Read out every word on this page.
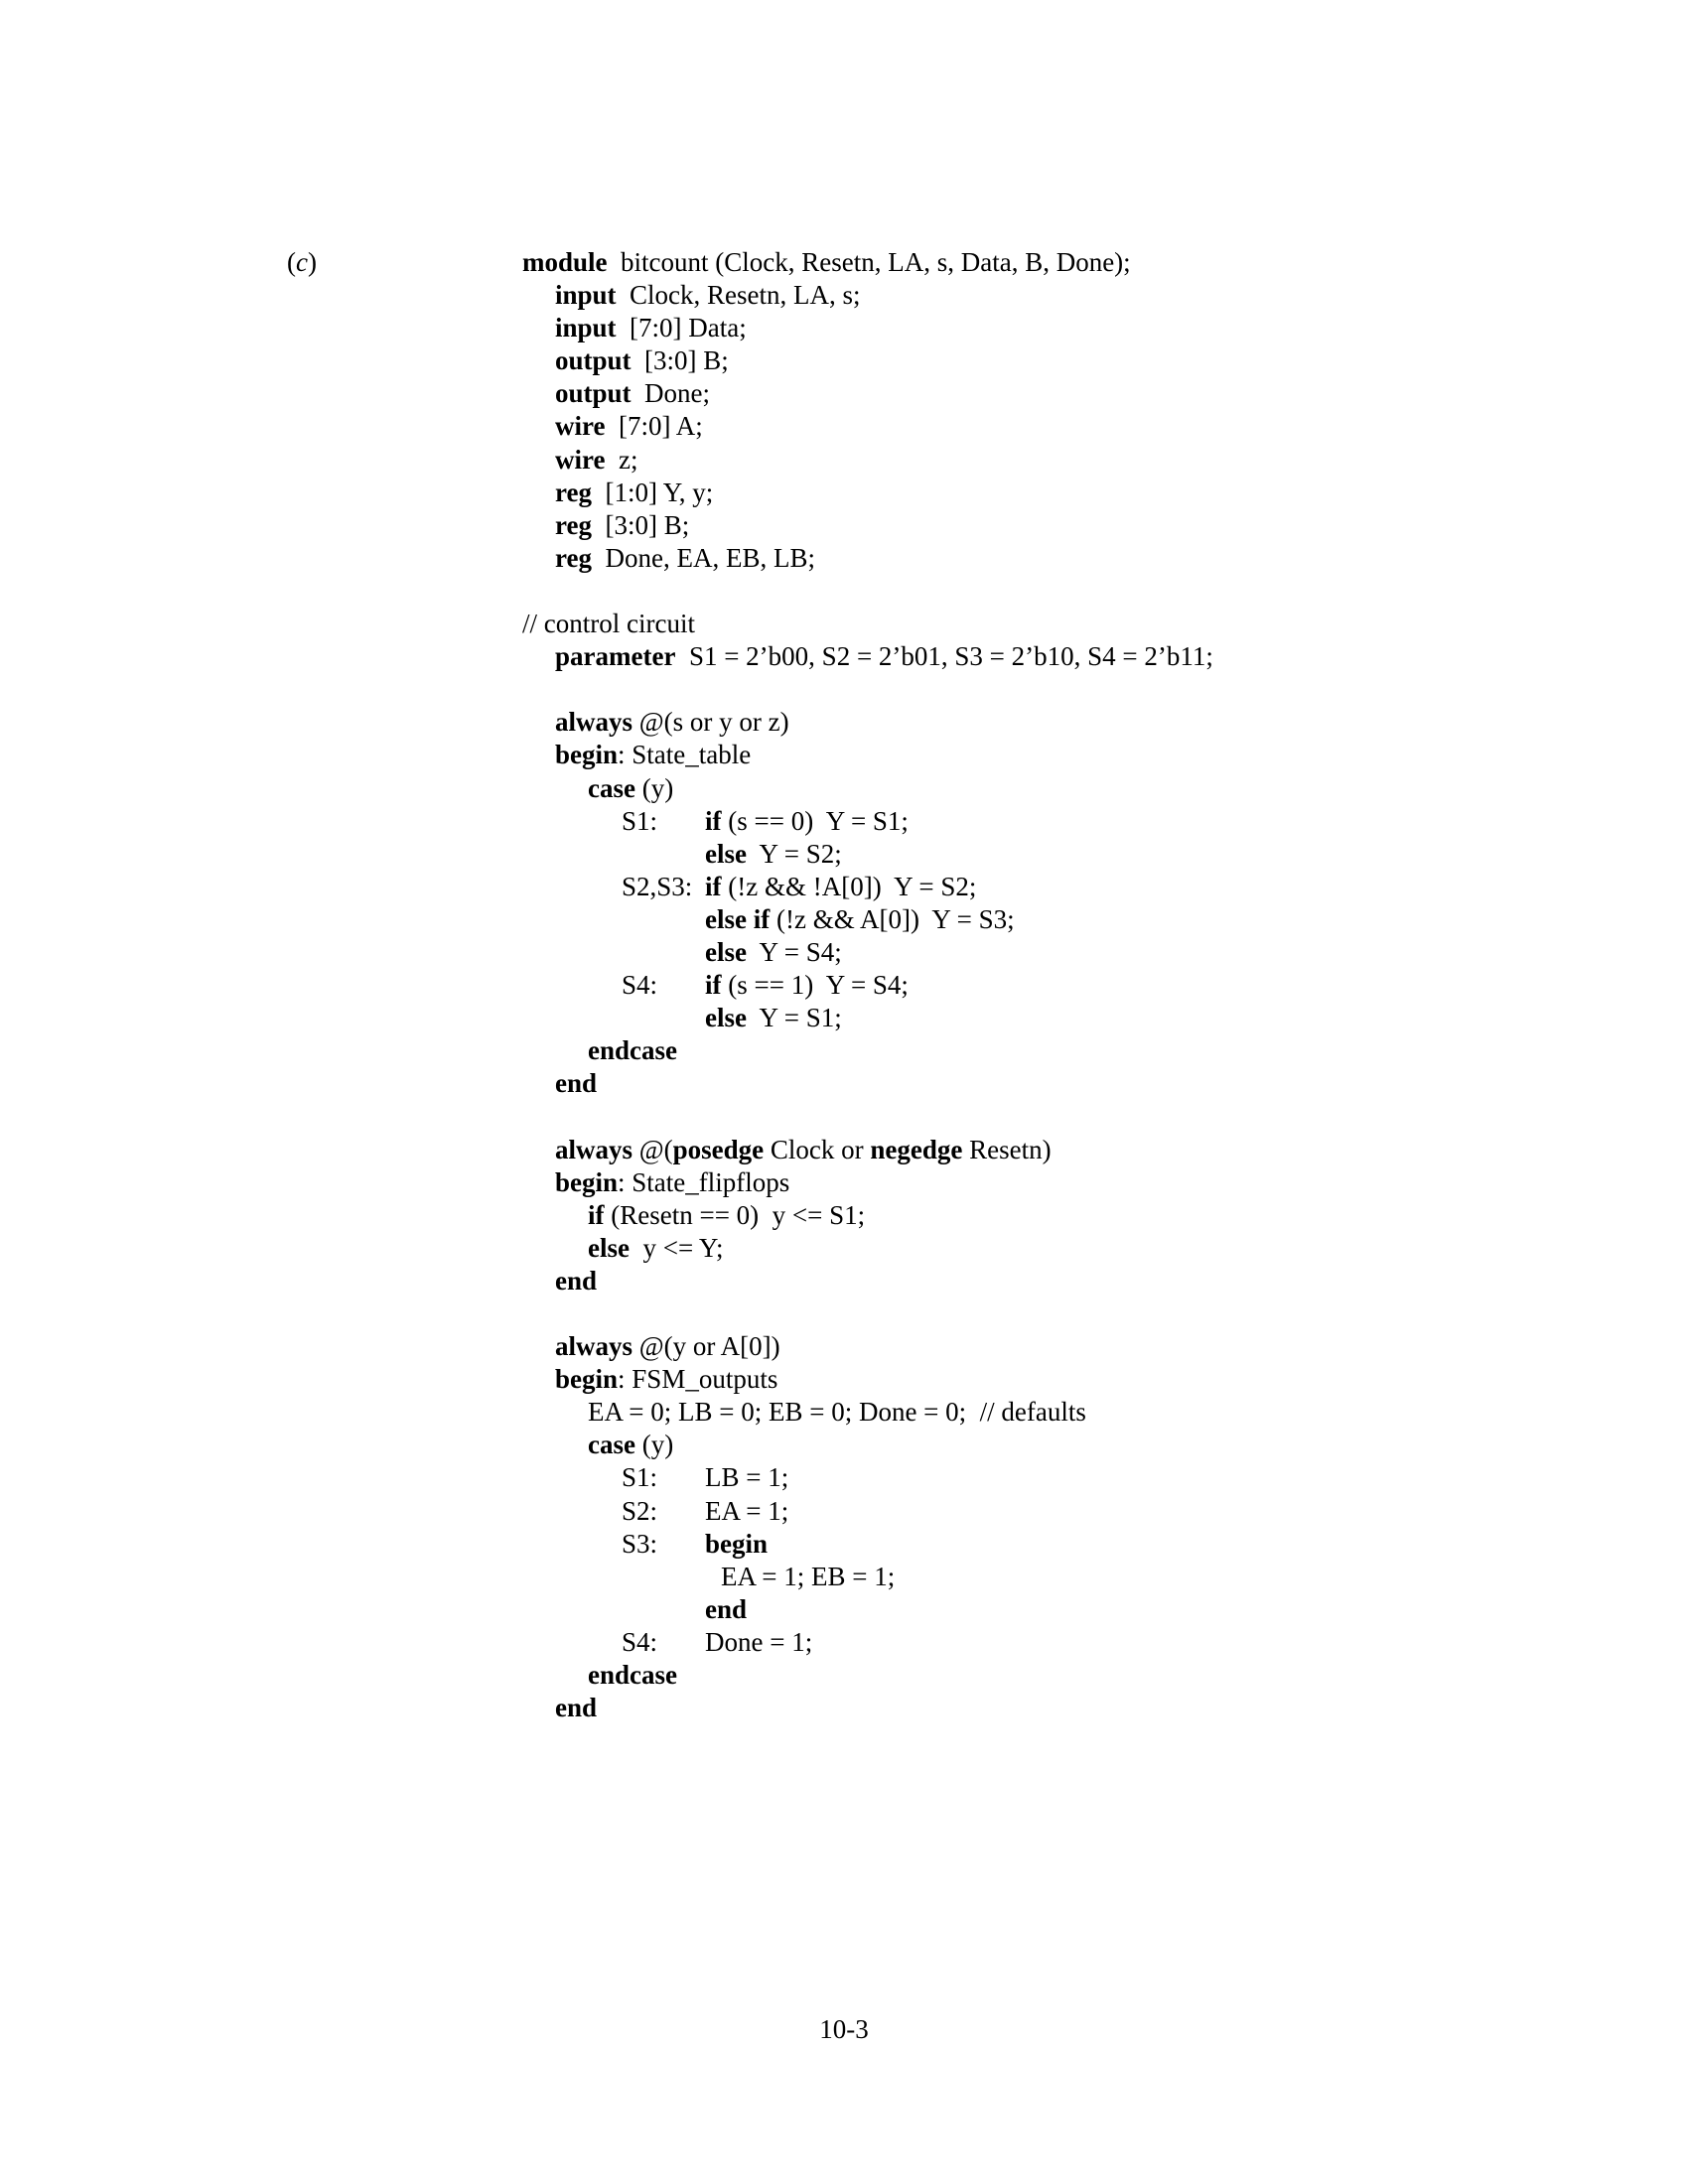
(c)	module  bitcount (Clock, Resetn, LA, s, Data, B, Done);
input  Clock, Resetn, LA, s;
input  [7:0] Data;
output  [3:0] B;
output  Done;
wire  [7:0] A;
wire  z;
reg  [1:0] Y, y;
reg  [3:0] B;
reg  Done, EA, EB, LB;
// control circuit
parameter  S1 = 2’b00, S2 = 2’b01, S3 = 2’b10, S4 = 2’b11;
always @(s or y or z)
begin: State_table
case (y)
S1: if (s == 0)  Y = S1;
else  Y = S2;
S2,S3: if (!z && !A[0])  Y = S2;
else if (!z && A[0])  Y = S3;
else  Y = S4;
S4: if (s == 1)  Y = S4;
else  Y = S1;
endcase
end
always @(posedge Clock or negedge Resetn)
begin: State_flipflops
if (Resetn == 0)  y <= S1;
else  y <= Y;
end
always @(y or A[0])
begin: FSM_outputs
EA = 0; LB = 0; EB = 0; Done = 0;  // defaults
case (y)
S1: LB = 1;
S2: EA = 1;
S3: begin
EA = 1; EB = 1;
end
S4: Done = 1;
endcase
end
10-3
